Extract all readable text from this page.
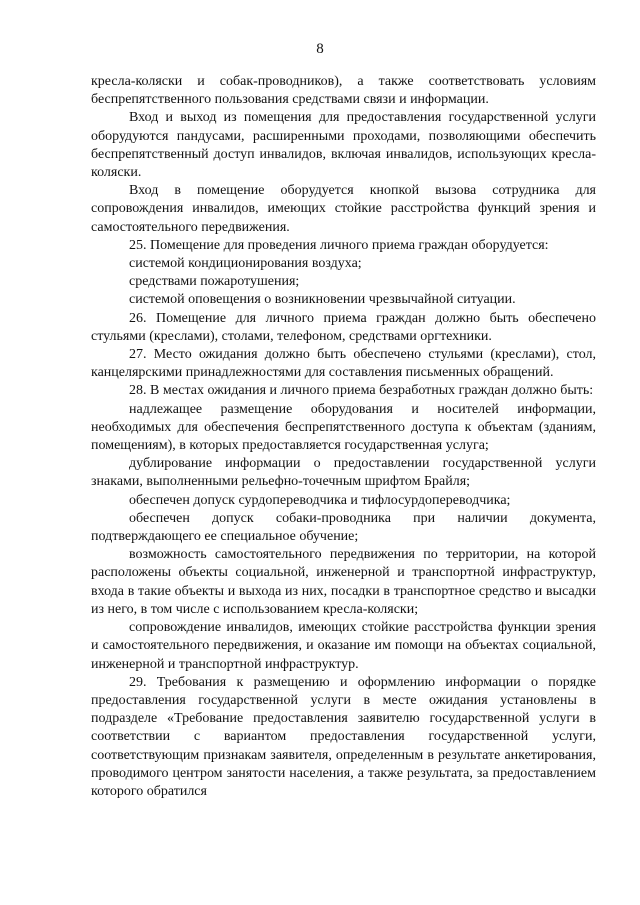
8

кресла-коляски и собак-проводников), а также соответствовать условиям беспрепятственного пользования средствами связи и информации.

Вход и выход из помещения для предоставления государственной услуги оборудуются пандусами, расширенными проходами, позволяющими обеспечить беспрепятственный доступ инвалидов, включая инвалидов, использующих кресла-коляски.

Вход в помещение оборудуется кнопкой вызова сотрудника для сопровождения инвалидов, имеющих стойкие расстройства функций зрения и самостоятельного передвижения.

25. Помещение для проведения личного приема граждан оборудуется:

системой кондиционирования воздуха;

средствами пожаротушения;

системой оповещения о возникновении чрезвычайной ситуации.

26. Помещение для личного приема граждан должно быть обеспечено стульями (креслами), столами, телефоном, средствами оргтехники.

27. Место ожидания должно быть обеспечено стульями (креслами), стол, канцелярскими принадлежностями для составления письменных обращений.

28. В местах ожидания и личного приема безработных граждан должно быть:

надлежащее размещение оборудования и носителей информации, необходимых для обеспечения беспрепятственного доступа к объектам (зданиям, помещениям), в которых предоставляется государственная услуга;

дублирование информации о предоставлении государственной услуги знаками, выполненными рельефно-точечным шрифтом Брайля;

обеспечен допуск сурдопереводчика и тифлосурдопереводчика;

обеспечен допуск собаки-проводника при наличии документа, подтверждающего ее специальное обучение;

возможность самостоятельного передвижения по территории, на которой расположены объекты социальной, инженерной и транспортной инфраструктур, входа в такие объекты и выхода из них, посадки в транспортное средство и высадки из него, в том числе с использованием кресла-коляски;

сопровождение инвалидов, имеющих стойкие расстройства функции зрения и самостоятельного передвижения, и оказание им помощи на объектах социальной, инженерной и транспортной инфраструктур.

29. Требования к размещению и оформлению информации о порядке предоставления государственной услуги в месте ожидания установлены в подразделе «Требование предоставления заявителю государственной услуги в соответствии с вариантом предоставления государственной услуги, соответствующим признакам заявителя, определенным в результате анкетирования, проводимого центром занятости населения, а также результата, за предоставлением которого обратился
